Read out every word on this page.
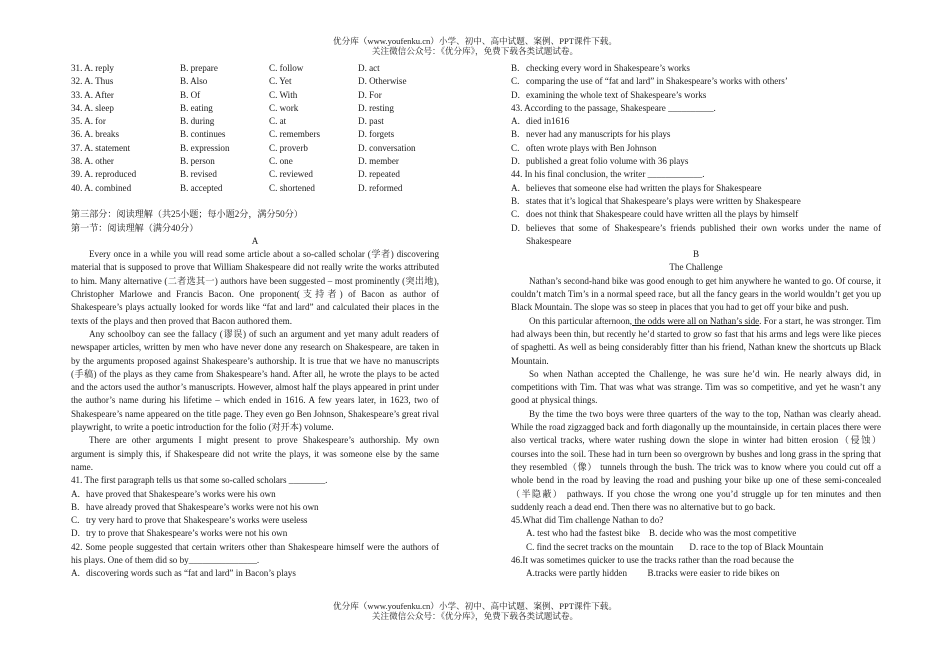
优分库（www.youfenku.cn）小学、初中、高中试题、案例、PPT课件下载。
关注微信公众号：《优分库》，免费下载各类试题试卷。
31. A. reply	B. prepare	C. follow	D. act
32. A. Thus	B. Also	C. Yet	D. Otherwise
33. A. After	B. Of	C. With	D. For
34. A. sleep	B. eating	C. work	D. resting
35. A. for	B. during	C. at	D. past
36. A. breaks	B. continues	C. remembers	D. forgets
37. A. statement	B. expression	C. proverb	D. conversation
38. A. other	B. person	C. one	D. member
39. A. reproduced	B. revised	C. reviewed	D. repeated
40. A. combined	B. accepted	C. shortened	D. reformed
第三部分：阅读理解（共25小题；每小题2分，满分50分）
第一节：阅读理解（满分40分）
A
Every once in a while you will read some article about a so-called scholar (学者) discovering material that is supposed to prove that William Shakespeare did not really write the works attributed to him. Many alternative (二者选其一) authors have been suggested – most prominently (突出地), Christopher Marlowe and Francis Bacon. One proponent(支持者) of Bacon as author of Shakespeare’s plays actually looked for words like “fat and lard” and calculated their places in the texts of the plays and then proved that Bacon authored them.
Any schoolboy can see the fallacy (谬误) of such an argument and yet many adult readers of newspaper articles, written by men who have never done any research on Shakespeare, are taken in by the arguments proposed against Shakespeare’s authorship. It is true that we have no manuscripts (手稿) of the plays as they came from Shakespeare’s hand. After all, he wrote the plays to be acted and the actors used the author’s manuscripts. However, almost half the plays appeared in print under the author’s name during his lifetime – which ended in 1616. A few years later, in 1623, two of Shakespeare’s name appeared on the title page. They even go Ben Johnson, Shakespeare’s great rival playwright, to write a poetic introduction for the folio (对开本) volume.
There are other arguments I might present to prove Shakespeare’s authorship. My own argument is simply this, if Shakespeare did not write the plays, it was someone else by the same name.
41. The first paragraph tells us that some so-called scholars ________.
A. have proved that Shakespeare’s works were his own
B. have already proved that Shakespeare’s works were not his own
C. try very hard to prove that Shakespeare’s works were useless
D. try to prove that Shakespeare’s works were not his own
42. Some people suggested that certain writers other than Shakespeare himself were the authors of his plays. One of them did so by_______________.
A. discovering words such as “fat and lard” in Bacon’s plays
B. checking every word in Shakespeare’s works
C. comparing the use of “fat and lard” in Shakespeare’s works with others’
D. examining the whole text of Shakespeare’s works
43. According to the passage, Shakespeare __________.
A. died in1616
B. never had any manuscripts for his plays
C. often wrote plays with Ben Johnson
D. published a great folio volume with 36 plays
44. In his final conclusion, the writer ____________.
A. believes that someone else had written the plays for Shakespeare
B. states that it’s logical that Shakespeare’s plays were written by Shakespeare
C. does not think that Shakespeare could have written all the plays by himself
D. believes that some of Shakespeare’s friends published their own works under the name of Shakespeare
B
The Challenge
Nathan’s second-hand bike was good enough to get him anywhere he wanted to go. Of course, it couldn’t match Tim’s in a normal speed race, but all the fancy gears in the world wouldn’t get you up Black Mountain. The slope was so steep in places that you had to get off your bike and push.
On this particular afternoon, the odds were all on Nathan’s side. For a start, he was stronger. Tim had always been thin, but recently he’d started to grow so fast that his arms and legs were like pieces of spaghetti. As well as being considerably fitter than his friend, Nathan knew the shortcuts up Black Mountain.
So when Nathan accepted the Challenge, he was sure he’d win. He nearly always did, in competitions with Tim. That was what was strange. Tim was so competitive, and yet he wasn’t any good at physical things.
By the time the two boys were three quarters of the way to the top, Nathan was clearly ahead. While the road zigzagged back and forth diagonally up the mountainside, in certain places there were also vertical tracks, where water rushing down the slope in winter had bitten erosion（侵蚀） courses into the soil. These had in turn been so overgrown by bushes and long grass in the spring that they resembled（像） tunnels through the bush. The trick was to know where you could cut off a whole bend in the road by leaving the road and pushing your bike up one of these semi-concealed（半隐蔽） pathways. If you chose the wrong one you’d struggle up for ten minutes and then suddenly reach a dead end. Then there was no alternative but to go back.
45.What did Tim challenge Nathan to do?
A. test who had the fastest bike B. decide who was the most competitive
C. find the secret tracks on the mountain D. race to the top of Black Mountain
46.It was sometimes quicker to use the tracks rather than the road because the
A.tracks were partly hidden B.tracks were easier to ride bikes on
优分库（www.youfenku.cn）小学、初中、高中试题、案例、PPT课件下载。
关注微信公众号：《优分库》，免费下载各类试题试卷。
